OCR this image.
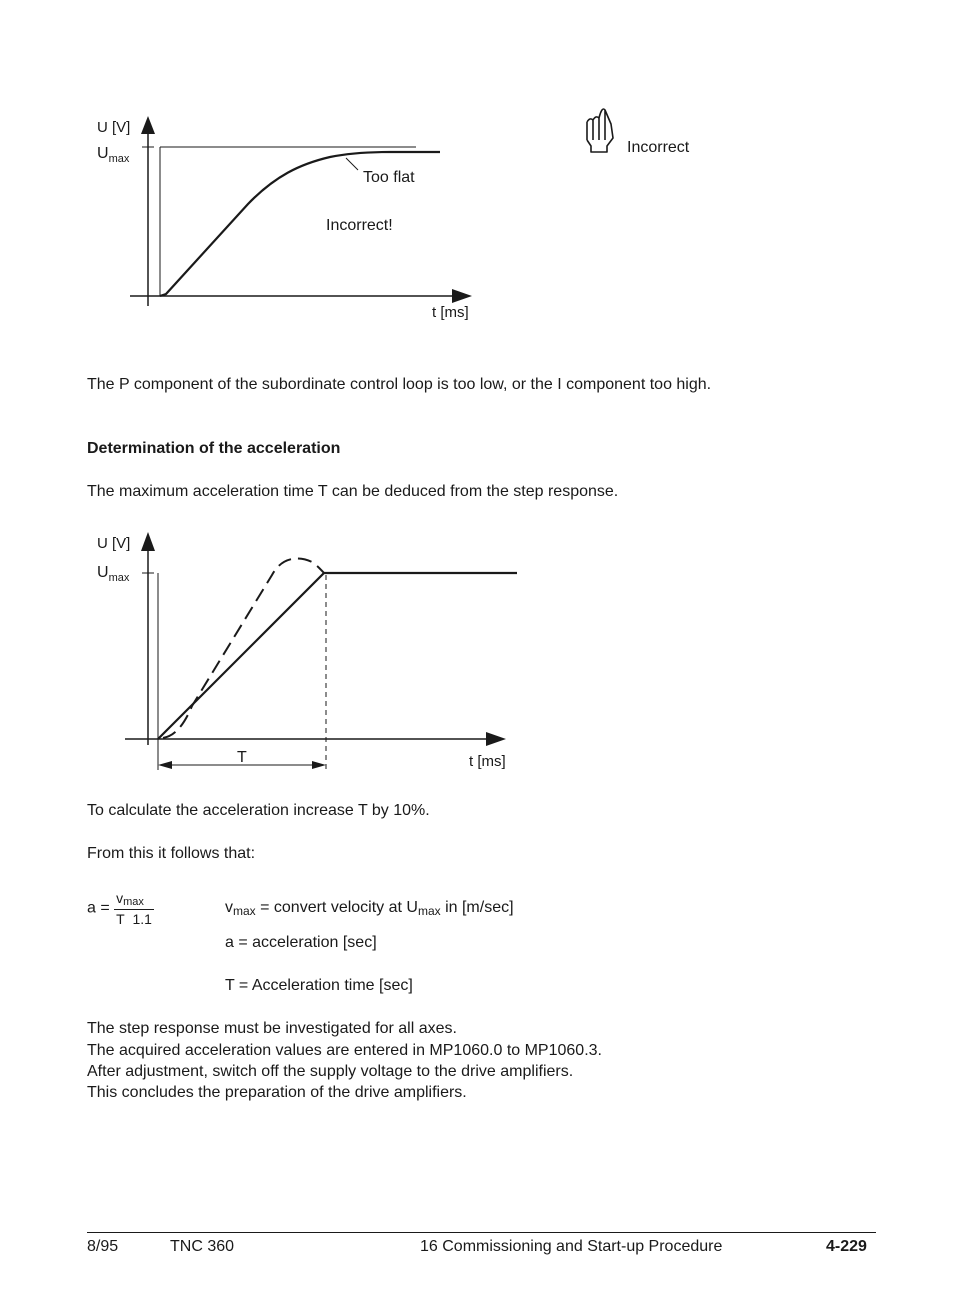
U [V]
$U_{max}$
Too flat
Incorrect!
t [ms]
Incorrect
The P component of the subordinate control loop is too low, or the I component too high.
Determination of the acceleration
The maximum acceleration time T can be deduced from the step response.
U [V]
$U_{max}$
T	t [ms]
To calculate the acceleration increase T by 10%.
From this it follows that:
$a = \frac{vmax}{T 1.1}$	vmax = convert velocity at Umax in [m/sec]
a = acceleration [sec]
T = Acceleration time [sec]
The step response must be investigated for all axes.
The acquired acceleration values are entered in MP1060.0 to MP1060.3.
After adjustment, switch off the supply voltage to the drive amplifiers.
This concludes the preparation of the drive amplifiers.
8/95	TNC 360	16 Commissioning and Start-up Procedure	4-229
